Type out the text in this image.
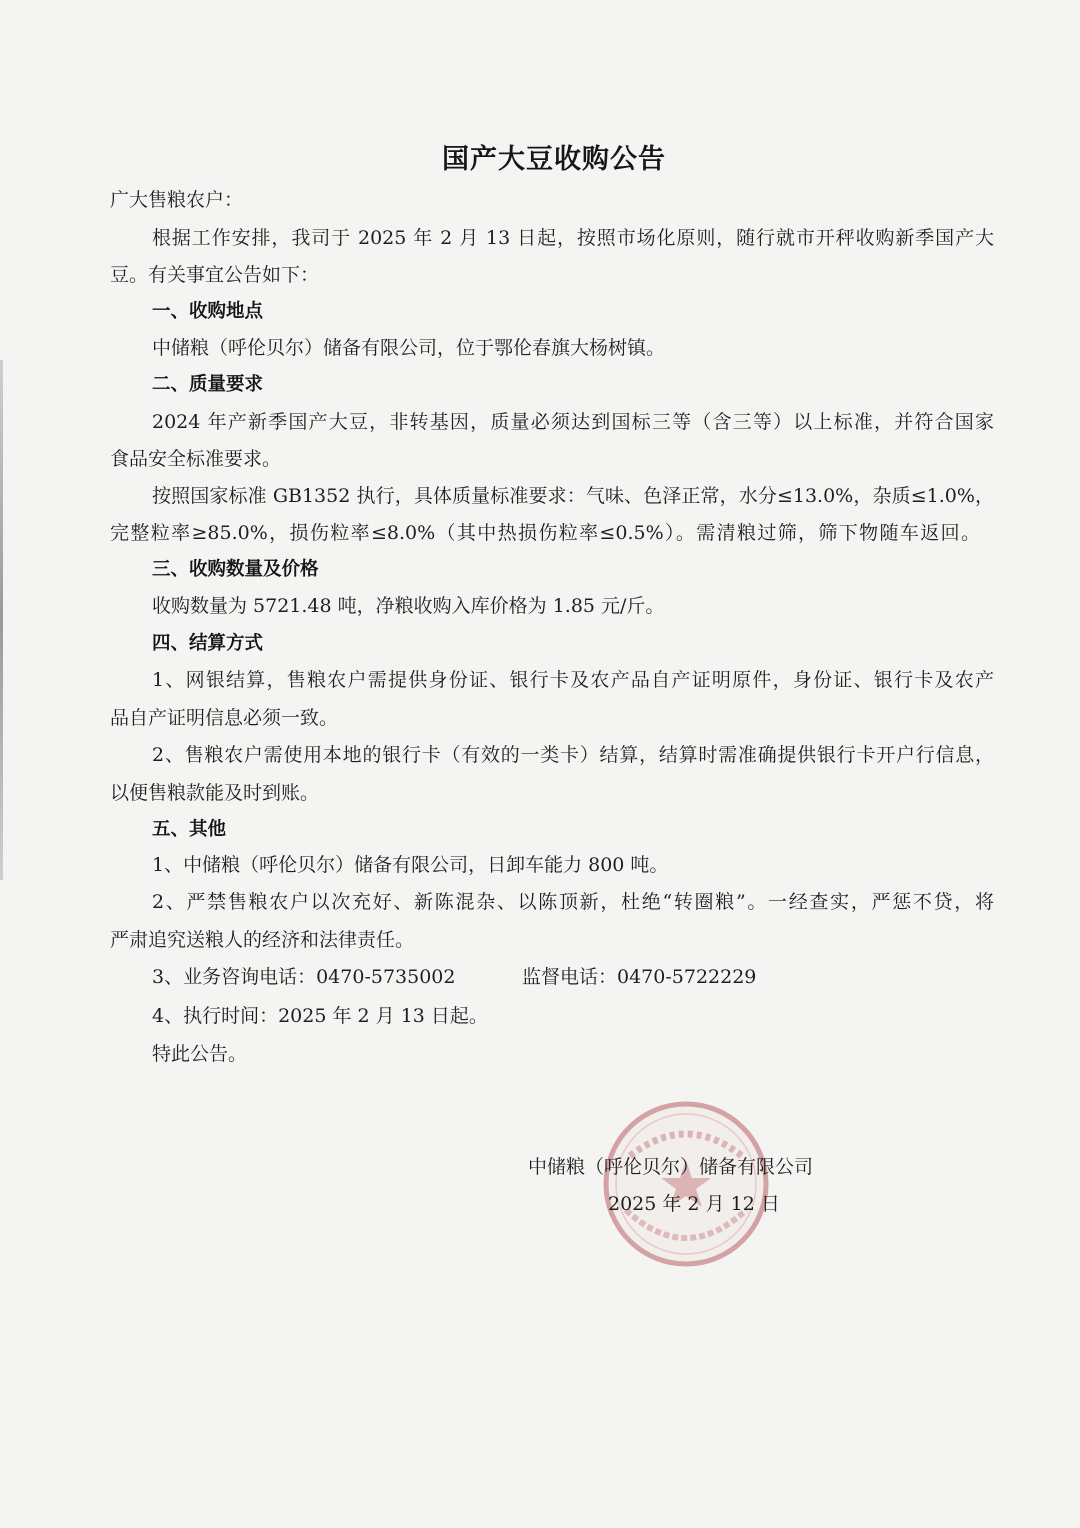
国产大豆收购公告
广大售粮农户：
根据工作安排，我司于 2025 年 2 月 13 日起，按照市场化原则，随行就市开秤收购新季国产大
豆。有关事宜公告如下：
一、收购地点
中储粮（呼伦贝尔）储备有限公司，位于鄂伦春旗大杨树镇。
二、质量要求
2024 年产新季国产大豆，非转基因，质量必须达到国标三等（含三等）以上标准，并符合国家
食品安全标准要求。
按照国家标准 GB1352 执行，具体质量标准要求：气味、色泽正常，水分≤13.0%，杂质≤1.0%，
完整粒率≥85.0%，损伤粒率≤8.0%（其中热损伤粒率≤0.5%）。需清粮过筛，筛下物随车返回。
三、收购数量及价格
收购数量为 5721.48 吨，净粮收购入库价格为 1.85 元/斤。
四、结算方式
1、网银结算，售粮农户需提供身份证、银行卡及农产品自产证明原件，身份证、银行卡及农产
品自产证明信息必须一致。
2、售粮农户需使用本地的银行卡（有效的一类卡）结算，结算时需准确提供银行卡开户行信息，
以便售粮款能及时到账。
五、其他
1、中储粮（呼伦贝尔）储备有限公司，日卸车能力 800 吨。
2、严禁售粮农户以次充好、新陈混杂、以陈顶新，杜绝“转圈粮”。一经查实，严惩不贷，将
严肃追究送粮人的经济和法律责任。
3、业务咨询电话：0470-5735002	监督电话：0470-5722229
4、执行时间：2025 年 2 月 13 日起。
特此公告。
中储粮（呼伦贝尔）储备有限公司
2025 年 2 月 12 日
